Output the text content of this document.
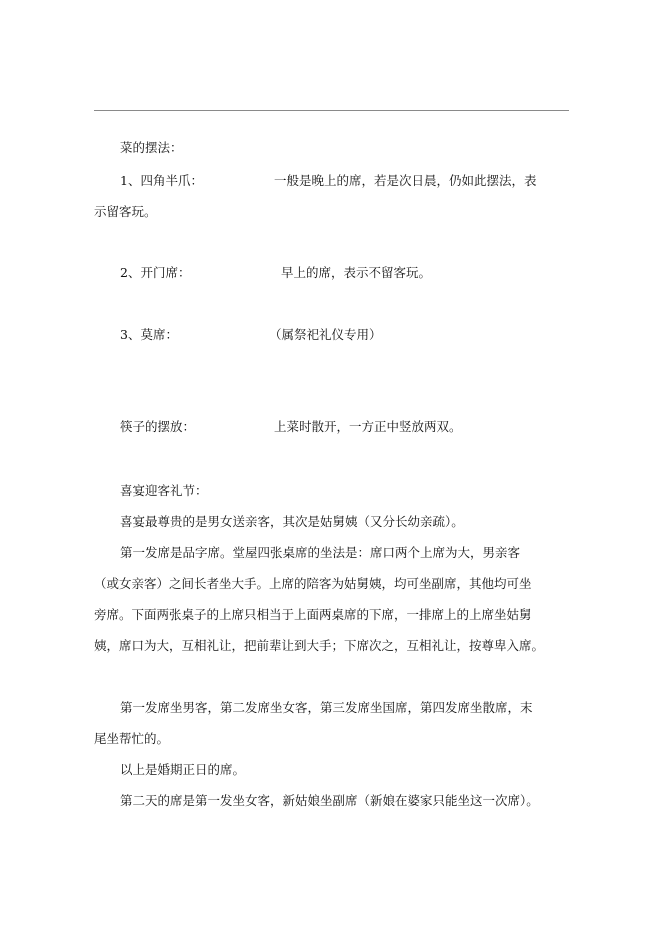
菜的摆法：
1、四角半爪：	一般是晚上的席，若是次日晨，仍如此摆法，表
示留客玩。
2、开门席：	早上的席，表示不留客玩。
3、莫席：	（属祭祀礼仪专用）
筷子的摆放：	上菜时散开，一方正中竖放两双。
喜宴迎客礼节：
喜宴最尊贵的是男女送亲客，其次是姑舅姨（又分长幼亲疏）。
第一发席是品字席。堂屋四张桌席的坐法是：席口两个上席为大，男亲客
（或女亲客）之间长者坐大手。上席的陪客为姑舅姨，均可坐副席，其他均可坐
旁席。下面两张桌子的上席只相当于上面两桌席的下席，一排席上的上席坐姑舅
姨，席口为大，互相礼让，把前辈让到大手；下席次之，互相礼让，按尊卑入席。
第一发席坐男客，第二发席坐女客，第三发席坐国席，第四发席坐散席，末
尾坐帮忙的。
以上是婚期正日的席。
第二天的席是第一发坐女客，新姑娘坐副席（新娘在婆家只能坐这一次席）。
